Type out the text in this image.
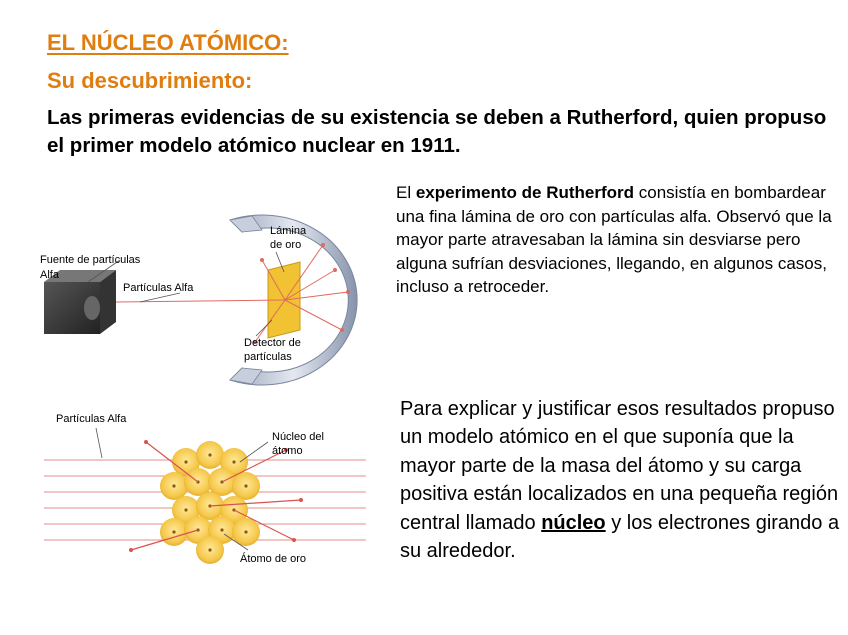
EL NÚCLEO ATÓMICO:

Su descubrimiento:

Las primeras evidencias de su existencia se deben a Rutherford, quien propuso el primer modelo atómico nuclear en 1911.

Fuente de partículas
Alfa
Partículas Alfa
Lámina
de oro
Detector de
partículas
Partículas Alfa
Núcleo del
átomo
Átomo de oro

El experimento de Rutherford consistía en bombardear una fina lámina de oro con partículas alfa. Observó que la mayor parte atravesaban la lámina sin desviarse pero alguna sufrían desviaciones, llegando, en algunos casos, incluso a retroceder.

Para explicar y justificar esos resultados propuso un modelo atómico en el que suponía que la mayor parte de la masa del átomo y su carga positiva están localizados en una pequeña región central llamado núcleo y los electrones girando a su alrededor.
